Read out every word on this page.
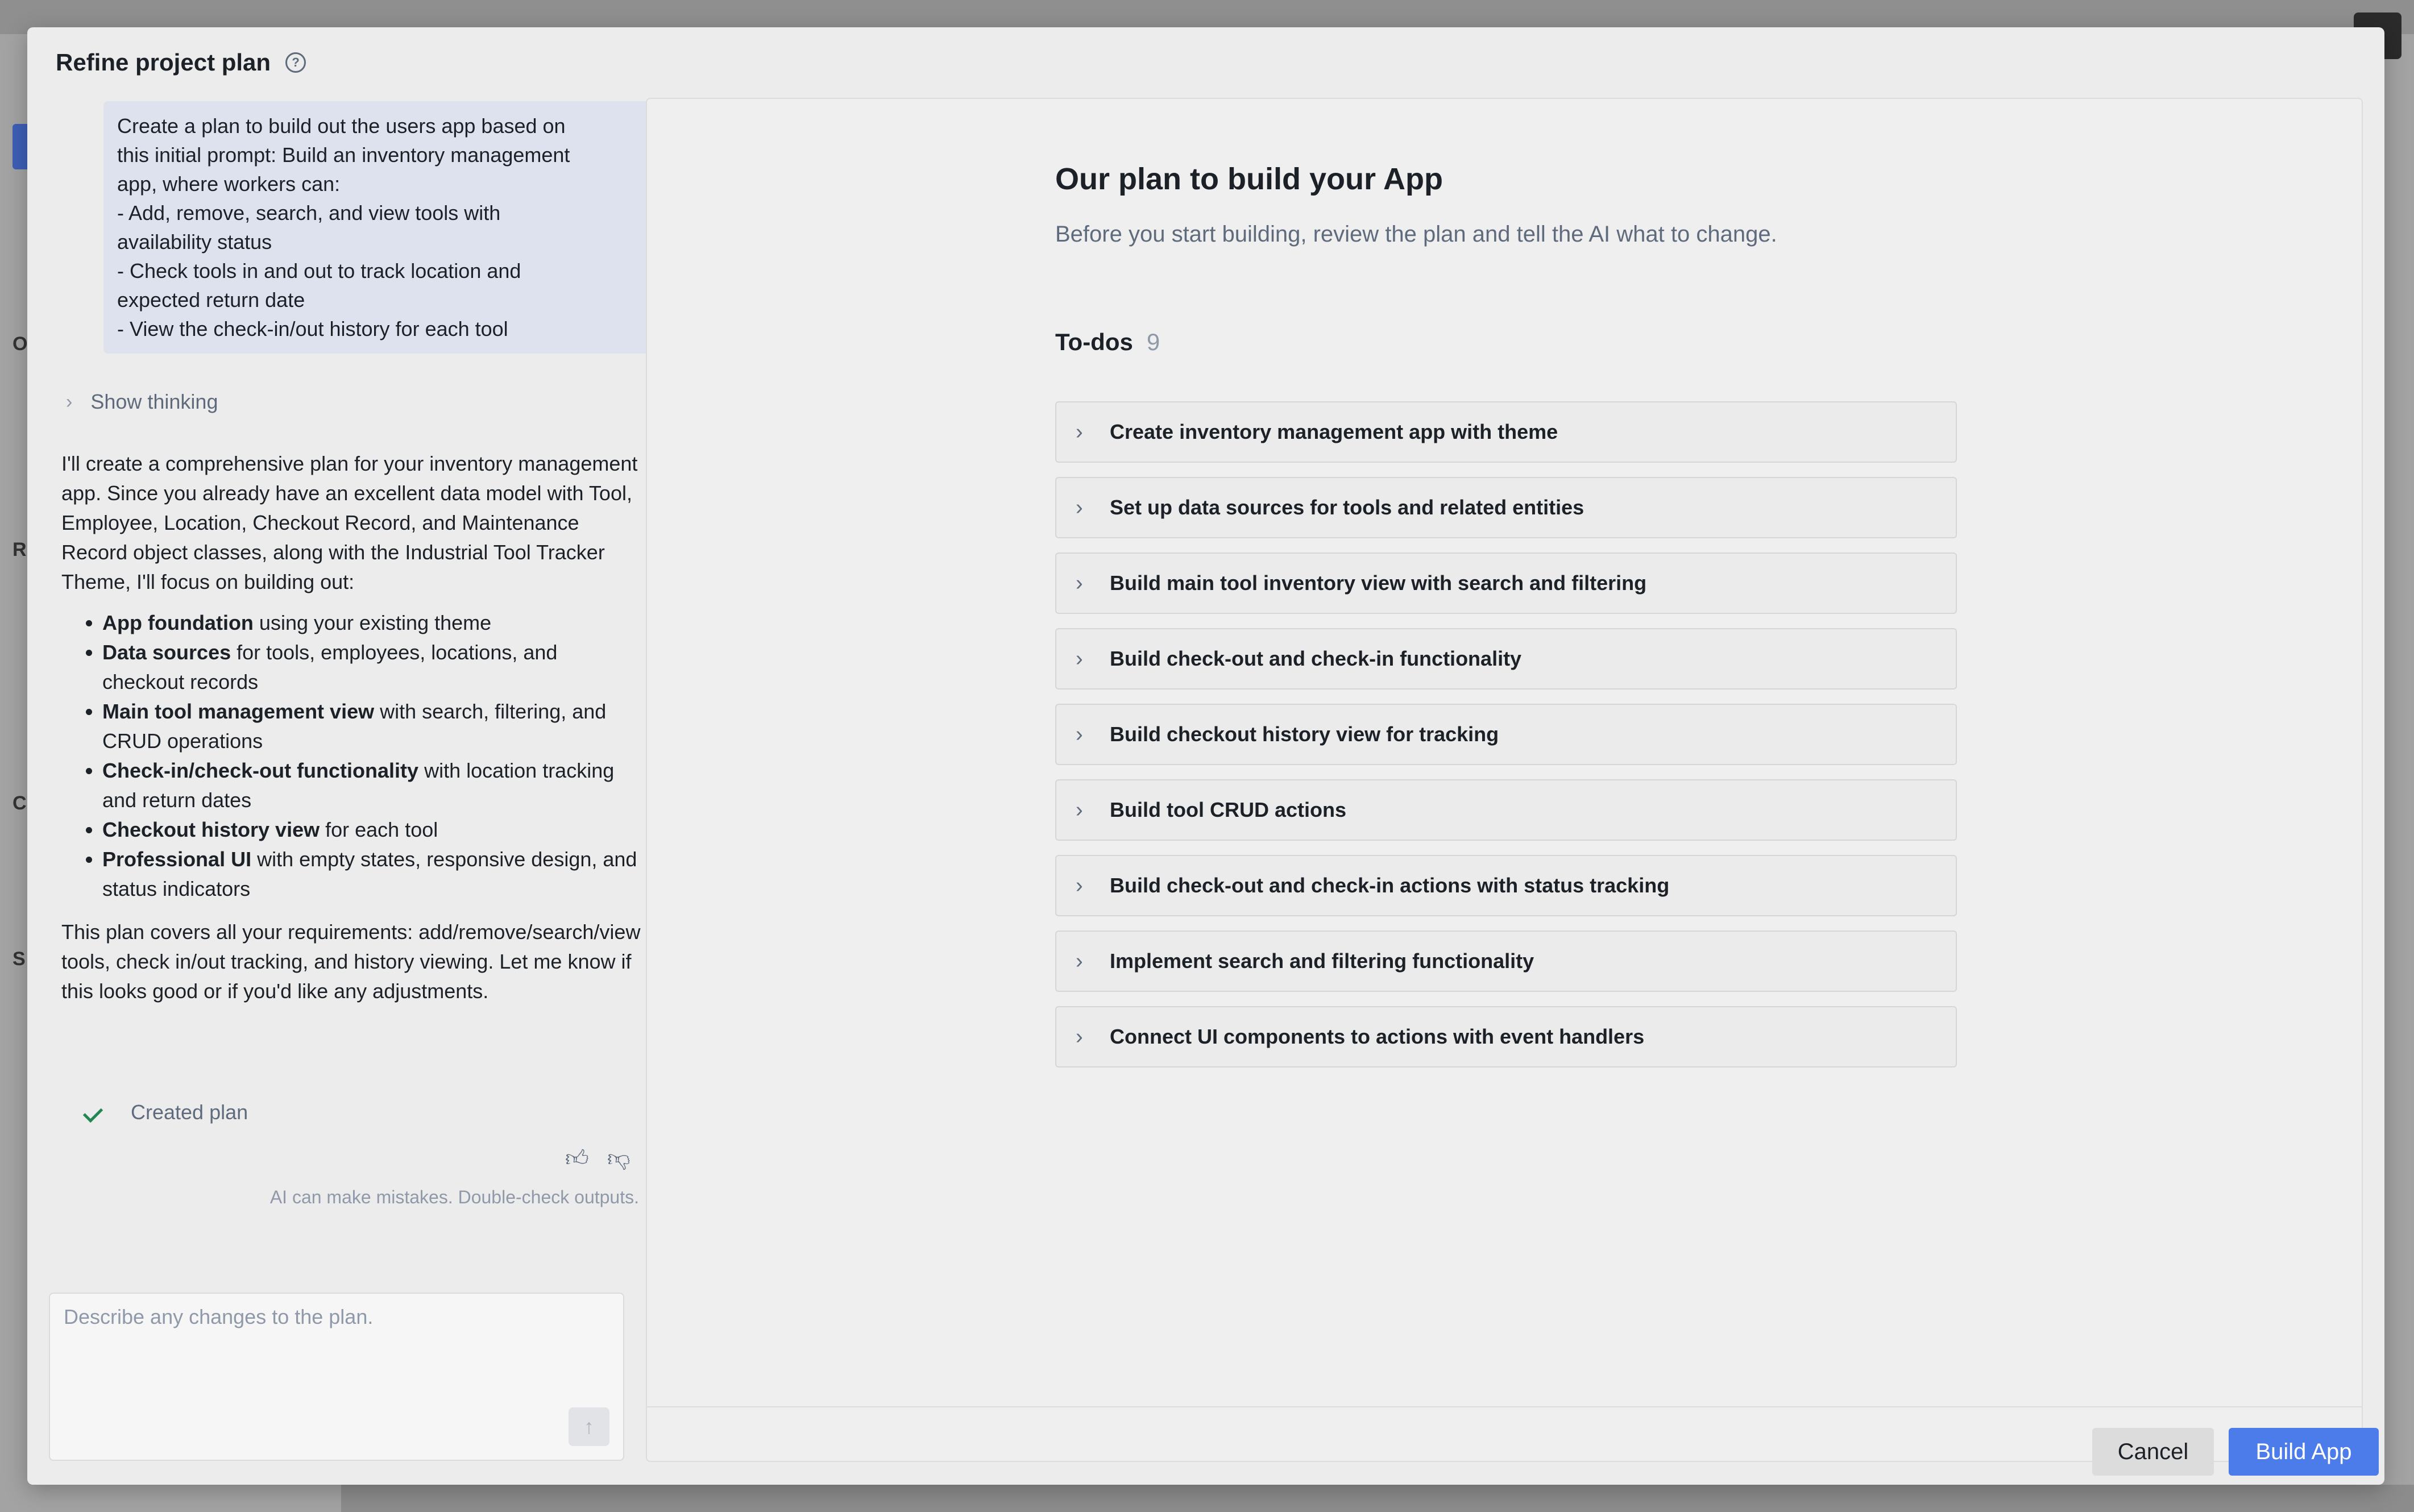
O
R
C
S
Refine project plan	?
Create a plan to build out the users app based on
this initial prompt: Build an inventory management
app, where workers can:
- Add, remove, search, and view tools with
availability status
- Check tools in and out to track location and
expected return date
- View the check-in/out history for each tool
› Show thinking

I'll create a comprehensive plan for your inventory management app. Since you already have an excellent data model with Tool, Employee, Location, Checkout Record, and Maintenance Record object classes, along with the Industrial Tool Tracker Theme, I'll focus on building out:

• App foundation using your existing theme
• Data sources for tools, employees, locations, and checkout records
• Main tool management view with search, filtering, and CRUD operations
• Check-in/check-out functionality with location tracking and return dates
• Checkout history view for each tool
• Professional UI with empty states, responsive design, and status indicators

This plan covers all your requirements: add/remove/search/view tools, check in/out tracking, and history viewing. Let me know if this looks good or if you'd like any adjustments.

Created plan
👍︎ 👎︎
AI can make mistakes. Double-check outputs.
Describe any changes to the plan.
↑
Our plan to build your App
Before you start building, review the plan and tell the AI what to change.
To-dos 9
›	Create inventory management app with theme
›	Set up data sources for tools and related entities
›	Build main tool inventory view with search and filtering
›	Build check-out and check-in functionality
›	Build checkout history view for tracking
›	Build tool CRUD actions
›	Build check-out and check-in actions with status tracking
›	Implement search and filtering functionality
›	Connect UI components to actions with event handlers
Cancel	Build App
